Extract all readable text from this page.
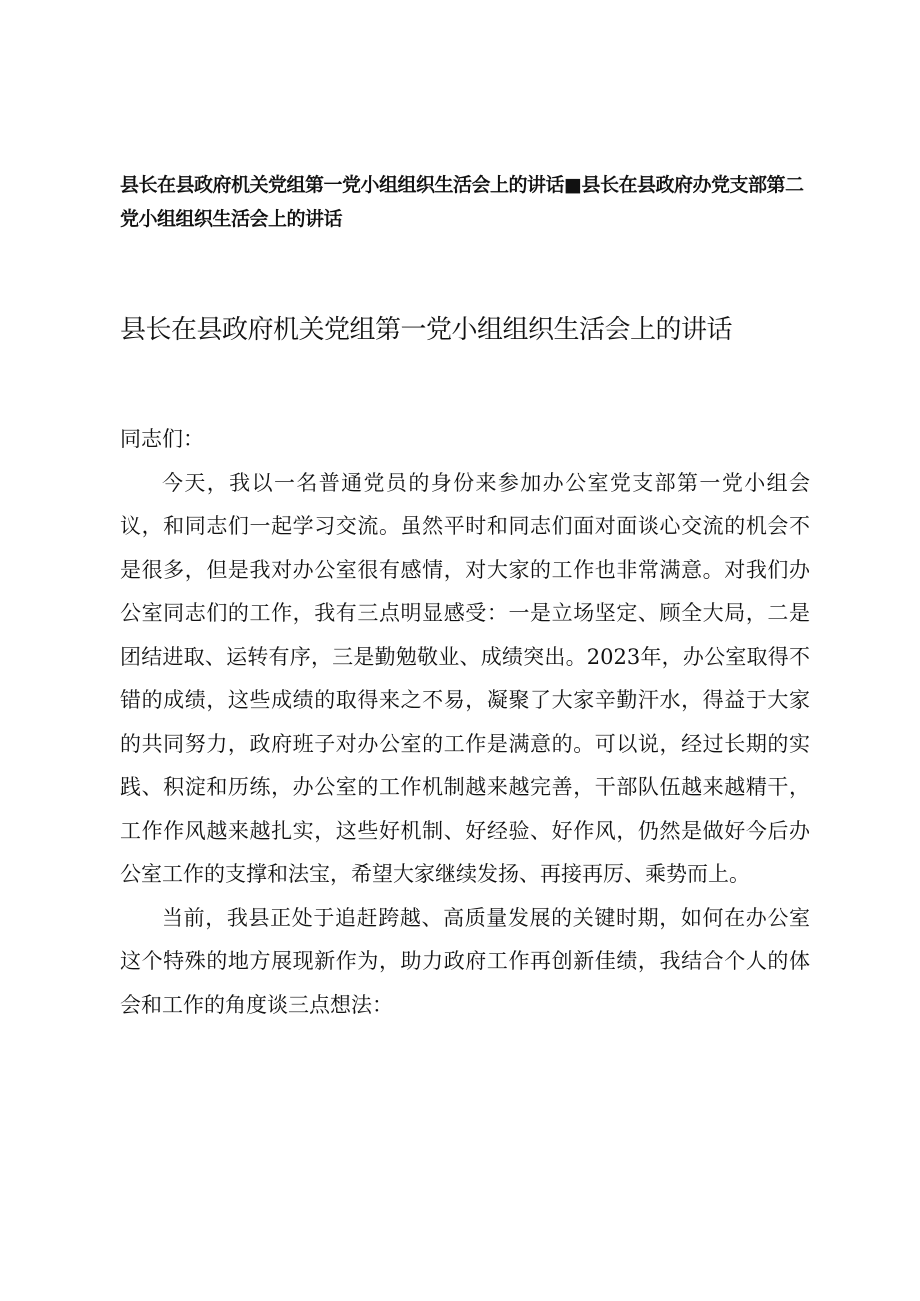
县长在县政府机关党组第一党小组组织生活会上的讲话■县长在县政府办党支部第二党小组组织生活会上的讲话
县长在县政府机关党组第一党小组组织生活会上的讲话

同志们：

今天，我以一名普通党员的身份来参加办公室党支部第一党小组会议，和同志们一起学习交流。虽然平时和同志们面对面谈心交流的机会不是很多，但是我对办公室很有感情，对大家的工作也非常满意。对我们办公室同志们的工作，我有三点明显感受：一是立场坚定、顾全大局，二是团结进取、运转有序，三是勤勉敬业、成绩突出。2023年，办公室取得不错的成绩，这些成绩的取得来之不易，凝聚了大家辛勤汗水，得益于大家的共同努力，政府班子对办公室的工作是满意的。可以说，经过长期的实践、积淀和历练，办公室的工作机制越来越完善，干部队伍越来越精干，工作作风越来越扎实，这些好机制、好经验、好作风，仍然是做好今后办公室工作的支撑和法宝，希望大家继续发扬、再接再厉、乘势而上。

当前，我县正处于追赶跨越、高质量发展的关键时期，如何在办公室这个特殊的地方展现新作为，助力政府工作再创新佳绩，我结合个人的体会和工作的角度谈三点想法：
